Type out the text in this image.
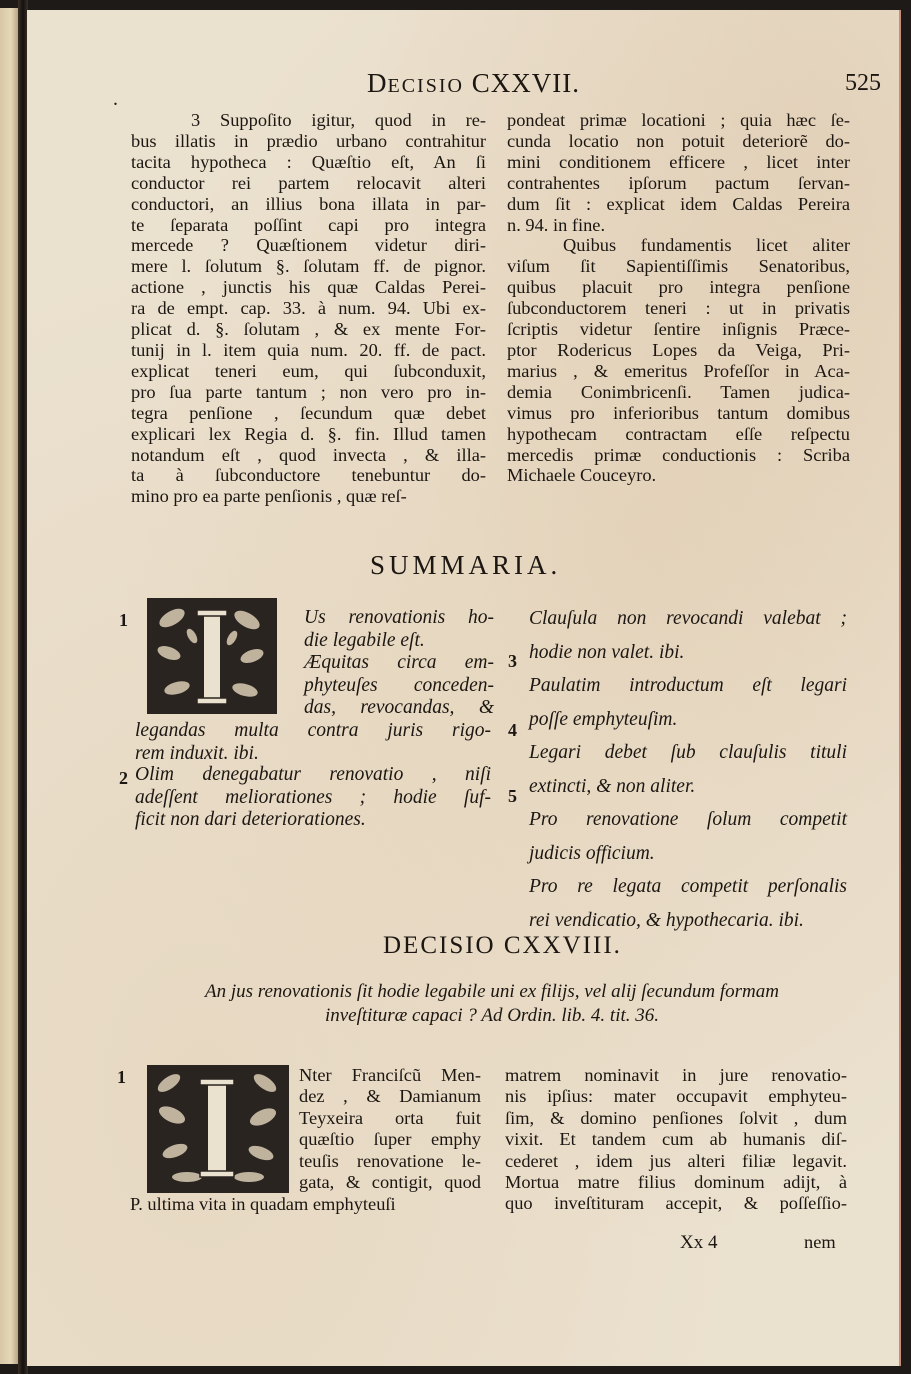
.
DECISIO CXXVII.	525
3 Suppoſito igitur, quod in re-
bus illatis in prædio urbano contrahitur
tacita hypotheca : Quæſtio eſt, An ſi
conductor rei partem relocavit alteri
conductori, an illius bona illata in par-
te ſeparata poſſint capi pro integra
mercede ? Quæſtionem videtur diri-
mere l. ſolutum §. ſolutam ff. de pignor.
actione , junctis his quæ Caldas Perei-
ra de empt. cap. 33. à num. 94. Ubi ex-
plicat d. §. ſolutam , & ex mente For-
tunij in l. item quia num. 20. ff. de pact.
explicat teneri eum, qui ſubconduxit,
pro ſua parte tantum ; non vero pro in-
tegra penſione , ſecundum quæ debet
explicari lex Regia d. §. fin. Illud tamen
notandum eſt , quod invecta , & illa-
ta à ſubconductore tenebuntur do-
mino pro ea parte penſionis , quæ reſ-
pondeat primæ locationi ; quia hæc ſe-
cunda locatio non potuit deteriorẽ do-
mini conditionem efficere , licet inter
contrahentes ipſorum pactum ſervan-
dum ſit : explicat idem Caldas Pereira
n. 94. in fine.
Quibus fundamentis licet aliter
viſum ſit Sapientiſſimis Senatoribus,
quibus placuit pro integra penſione
ſubconductorem teneri : ut in privatis
ſcriptis videtur ſentire inſignis Præce-
ptor Rodericus Lopes da Veiga, Pri-
marius , & emeritus Profeſſor in Aca-
demia Conimbricenſi. Tamen judica-
vimus pro inferioribus tantum domibus
hypothecam contractam eſſe reſpectu
mercedis primæ conductionis : Scriba
Michaele Couceyro.
SUMMARIA.
1	Us renovationis ho-
die legabile eſt.
Æquitas circa em-
phyteuſes conceden-
das, revocandas, &
legandas multa contra juris rigo-
rem induxit. ibi.
2 Olim denegabatur renovatio , niſi
adeſſent meliorationes ; hodie ſuf-
ficit non dari deteriorationes.
Clauſula non revocandi valebat ;
hodie non valet. ibi.
Paulatim introductum eſt legari
poſſe emphyteuſim.
Legari debet ſub clauſulis tituli
extincti, & non aliter.
Pro renovatione ſolum competit
judicis officium.
Pro re legata competit perſonalis
rei vendicatio, & hypothecaria. ibi.
3
4
5
DECISIO CXXVIII.
An jus renovationis ſit hodie legabile uni ex filijs, vel alij ſecundum formam
inveſtituræ capaci ? Ad Ordin. lib. 4. tit. 36.
1	Nter Franciſcũ Men-
dez , & Damianum
Teyxeira orta fuit
quæſtio ſuper emphy
teuſis renovatione le-
gata, & contigit, quod
P. ultima vita in quadam emphyteuſi
matrem nominavit in jure renovatio-
nis ipſius: mater occupavit emphyteu-
ſim, & domino penſiones ſolvit , dum
vixit. Et tandem cum ab humanis diſ-
cederet , idem jus alteri filiæ legavit.
Mortua matre filius dominum adijt, à
quo inveſtituram accepit, & poſſeſſio-
Xx 4	nem
